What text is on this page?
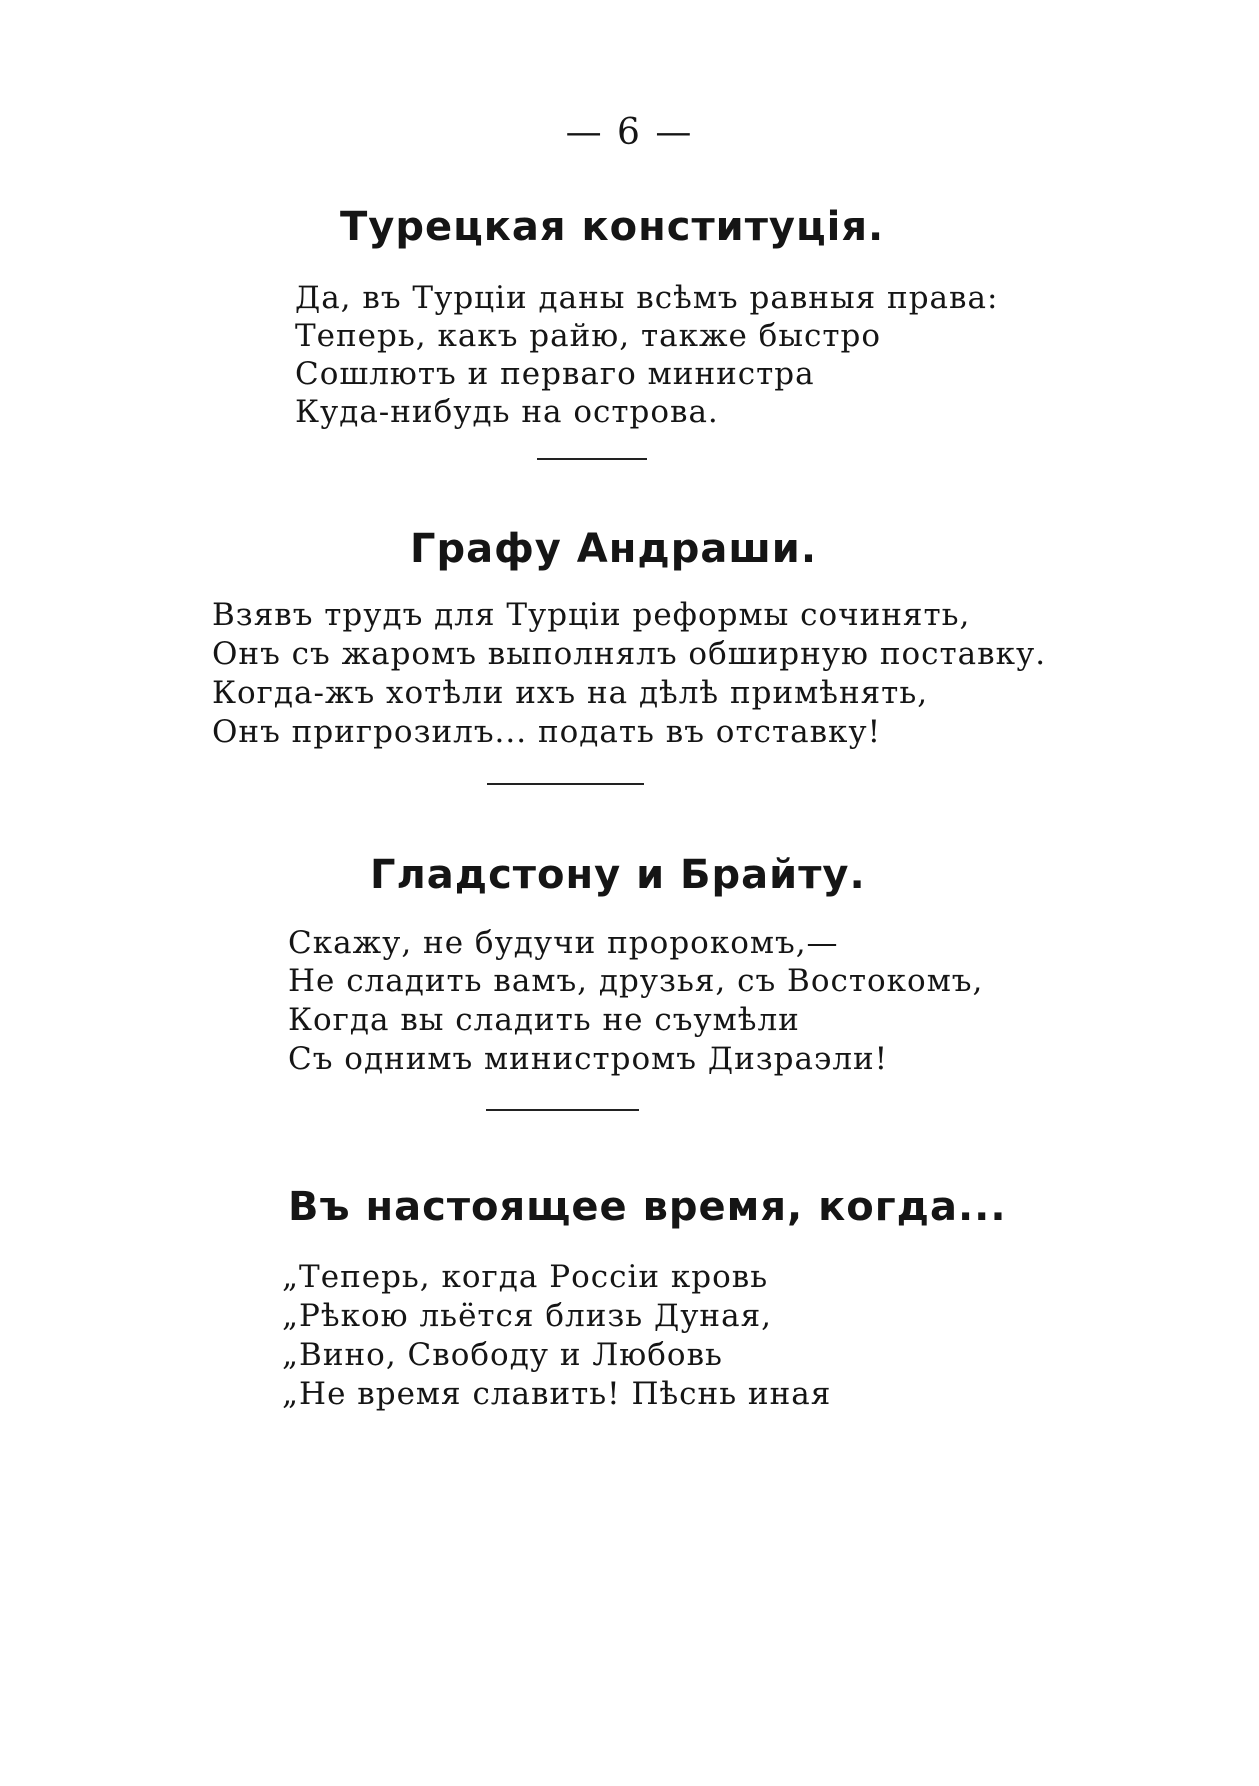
— 6 —
Турецкая конституція.
Да, въ Турціи даны всѣмъ равныя права:
Теперь, какъ райю, также быстро
Сошлютъ и перваго министра
Куда-нибудь на острова.
Графу Андраши.
Взявъ трудъ для Турціи реформы сочинять,
Онъ съ жаромъ выполнялъ обширную поставку.
Когда-жъ хотѣли ихъ на дѣлѣ примѣнять,
Онъ пригрозилъ... подать въ отставку!
Гладстону и Брайту.
Скажу, не будучи пророкомъ,—
Не сладить вамъ, друзья, съ Востокомъ,
Когда вы сладить не съумѣли
Съ однимъ министромъ Дизраэли!
Въ настоящее время, когда...
„Теперь, когда Россіи кровь
„Рѣкою льётся близь Дуная,
„Вино, Свободу и Любовь
„Не время славить! Пѣснь иная
